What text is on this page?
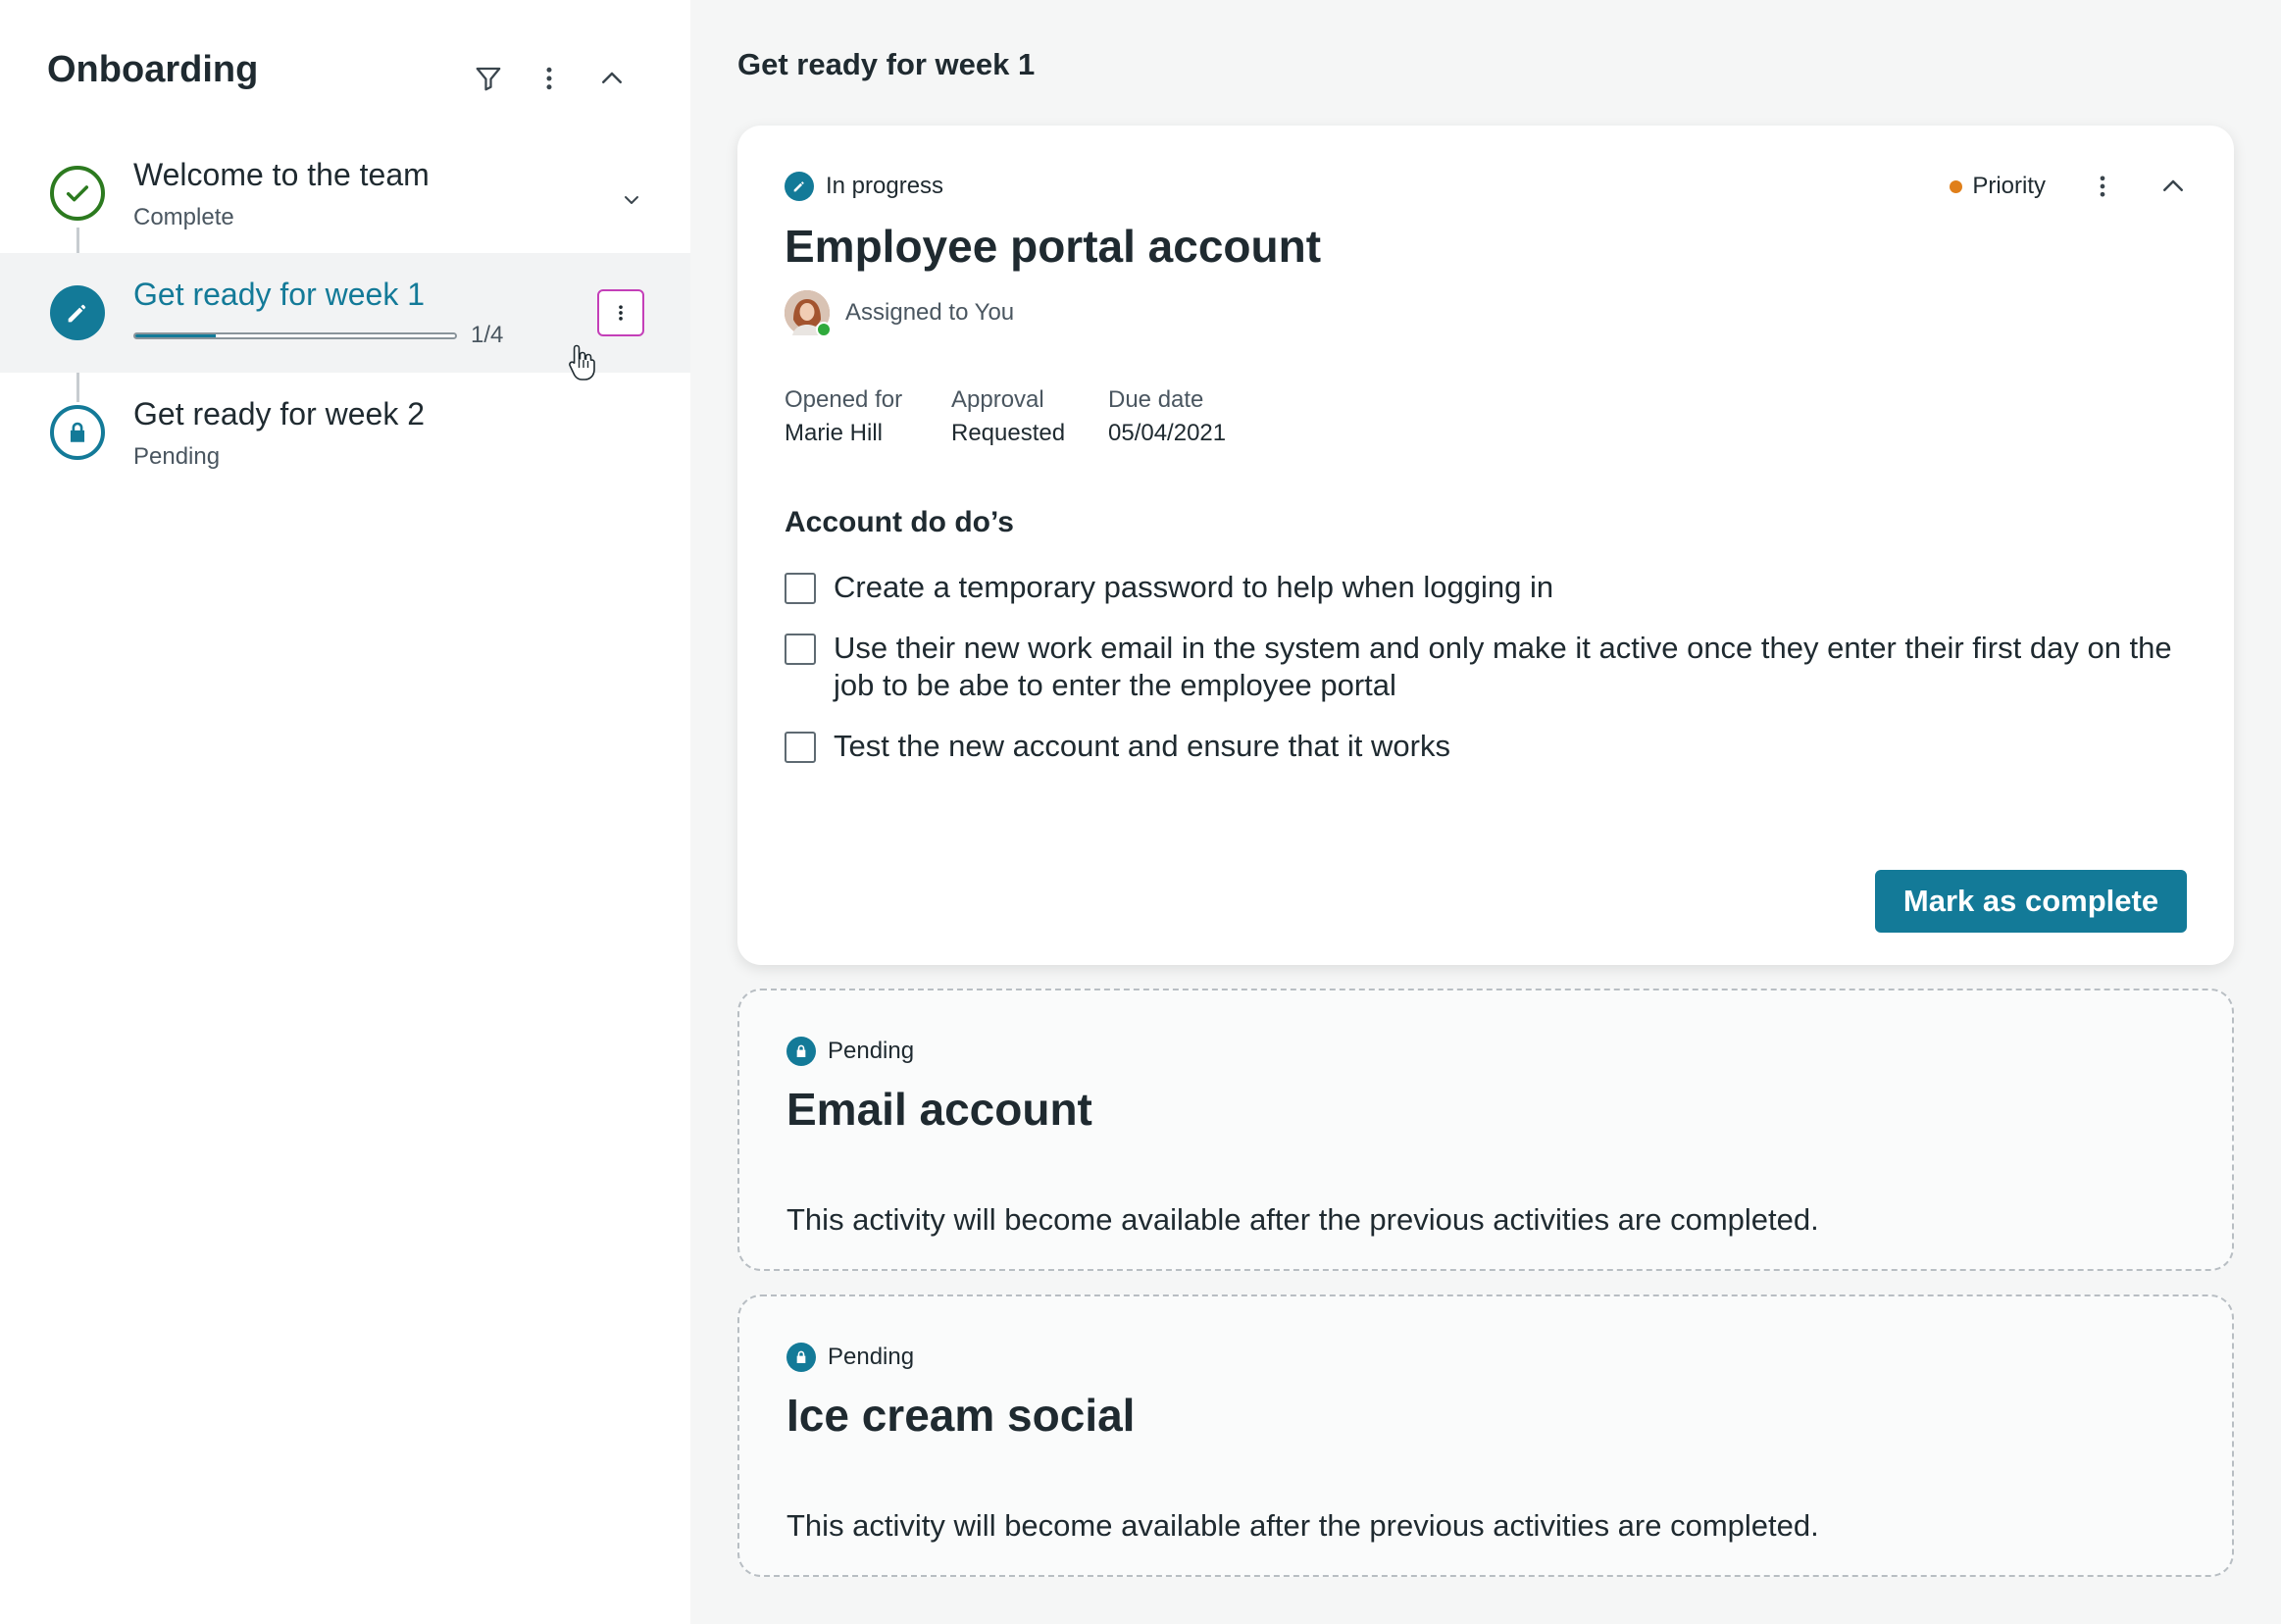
Onboarding
Welcome to the team
Complete
Get ready for week 1
1/4
Get ready for week 2
Pending
Get ready for week 1
In progress	Priority
Employee portal account
Assigned to You
Opened for
Marie Hill
Approval
Requested
Due date
05/04/2021
Account do do’s
Create a temporary password to help when logging in
Use their new work email in the system and only make it active once they enter their first day on the job to be abe to enter the employee portal
Test the new account and ensure that it works
Mark as complete
Pending
Email account

This activity will become available after the previous activities are completed.

Pending
Ice cream social

This activity will become available after the previous activities are completed.
